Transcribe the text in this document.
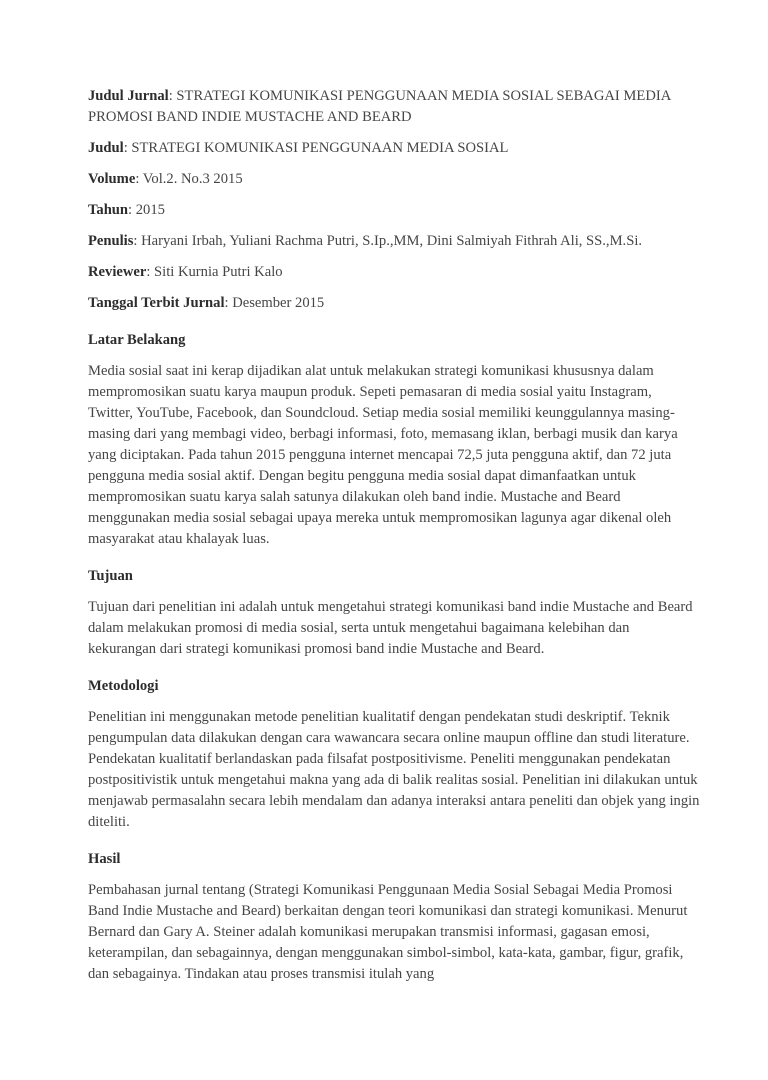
Judul Jurnal: STRATEGI KOMUNIKASI PENGGUNAAN MEDIA SOSIAL SEBAGAI MEDIA PROMOSI BAND INDIE MUSTACHE AND BEARD

Judul: STRATEGI KOMUNIKASI PENGGUNAAN MEDIA SOSIAL

Volume: Vol.2. No.3 2015

Tahun: 2015

Penulis: Haryani Irbah, Yuliani Rachma Putri, S.Ip.,MM, Dini Salmiyah Fithrah Ali, SS.,M.Si.

Reviewer: Siti Kurnia Putri Kalo

Tanggal Terbit Jurnal: Desember 2015

Latar Belakang

Media sosial saat ini kerap dijadikan alat untuk melakukan strategi komunikasi khususnya dalam mempromosikan suatu karya maupun produk. Sepeti pemasaran di media sosial yaitu Instagram, Twitter, YouTube, Facebook, dan Soundcloud. Setiap media sosial memiliki keunggulannya masing-masing dari yang membagi video, berbagi informasi, foto, memasang iklan, berbagi musik dan karya yang diciptakan. Pada tahun 2015 pengguna internet mencapai 72,5 juta pengguna aktif, dan 72 juta pengguna media sosial aktif. Dengan begitu pengguna media sosial dapat dimanfaatkan untuk mempromosikan suatu karya salah satunya dilakukan oleh band indie. Mustache and Beard menggunakan media sosial sebagai upaya mereka untuk mempromosikan lagunya agar dikenal oleh masyarakat atau khalayak luas.

Tujuan

Tujuan dari penelitian ini adalah untuk mengetahui strategi komunikasi band indie Mustache and Beard dalam melakukan promosi di media sosial, serta untuk mengetahui bagaimana kelebihan dan kekurangan dari strategi komunikasi promosi band indie Mustache and Beard.

Metodologi

Penelitian ini menggunakan metode penelitian kualitatif dengan pendekatan studi deskriptif. Teknik pengumpulan data dilakukan dengan cara wawancara secara online maupun offline dan studi literature. Pendekatan kualitatif berlandaskan pada filsafat postpositivisme. Peneliti menggunakan pendekatan postpositivistik untuk mengetahui makna yang ada di balik realitas sosial. Penelitian ini dilakukan untuk menjawab permasalahn secara lebih mendalam dan adanya interaksi antara peneliti dan objek yang ingin diteliti.

Hasil

Pembahasan jurnal tentang (Strategi Komunikasi Penggunaan Media Sosial Sebagai Media Promosi Band Indie Mustache and Beard) berkaitan dengan teori komunikasi dan strategi komunikasi. Menurut Bernard dan Gary A. Steiner adalah komunikasi merupakan transmisi informasi, gagasan emosi, keterampilan, dan sebagainnya, dengan menggunakan simbol-simbol, kata-kata, gambar, figur, grafik, dan sebagainya. Tindakan atau proses transmisi itulah yang
